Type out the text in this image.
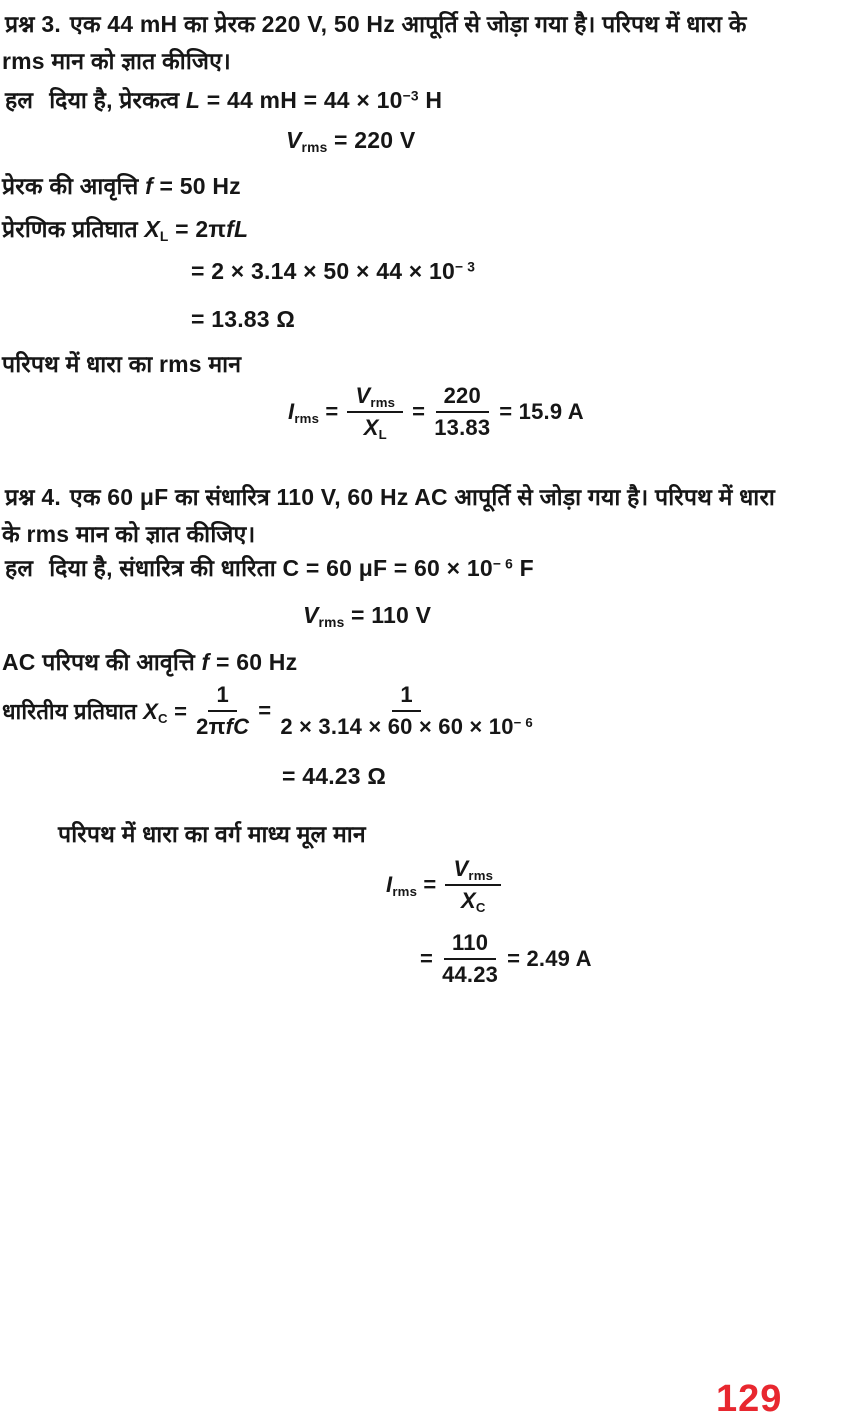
प्रश्न 3. एक 44 mH का प्रेरक 220 V, 50 Hz आपूर्ति से जोड़ा गया है। परिपथ में धारा के
rms मान को ज्ञात कीजिए।
हल दिया है, प्रेरकत्व L = 44 mH = $44 \times 10^{-3}$ H
$V_{rms} = 220$ V
प्रेरक की आवृत्ति f = 50 Hz
प्रेरणिक प्रतिघात $X_L = 2\pi fL$
= $2 \times 3.14 \times 50 \times 44 \times 10^{- 3}$
= 13.83 Ω
परिपथ में धारा का rms मान
$I_{rms} = \frac{V_{rms}}{X_L} = \frac{220}{13.83} = 15.9$ A
प्रश्न 4. एक 60 μF का संधारित्र 110 V, 60 Hz AC आपूर्ति से जोड़ा गया है। परिपथ में धारा
के rms मान को ज्ञात कीजिए।
हल दिया है, संधारित्र की धारिता C = 60 $\mu F = 60 \times 10^{- 6}$ F
$V_{rms} = 110$ V
AC परिपथ की आवृत्ति f = 60 Hz
धारितीय प्रतिघात $X_C = \frac{1}{\text{2πfC}} = \frac{1}{2 \times 3.14 \times 60 \times 60 \times 10^{- 6}}$
= 44.23 Ω
परिपथ में धारा का वर्ग माध्य मूल मान
$I_{rms} = \frac{V_{rms}}{X_C}$
= $\frac{110}{44.23} = 2.49$ A
129
